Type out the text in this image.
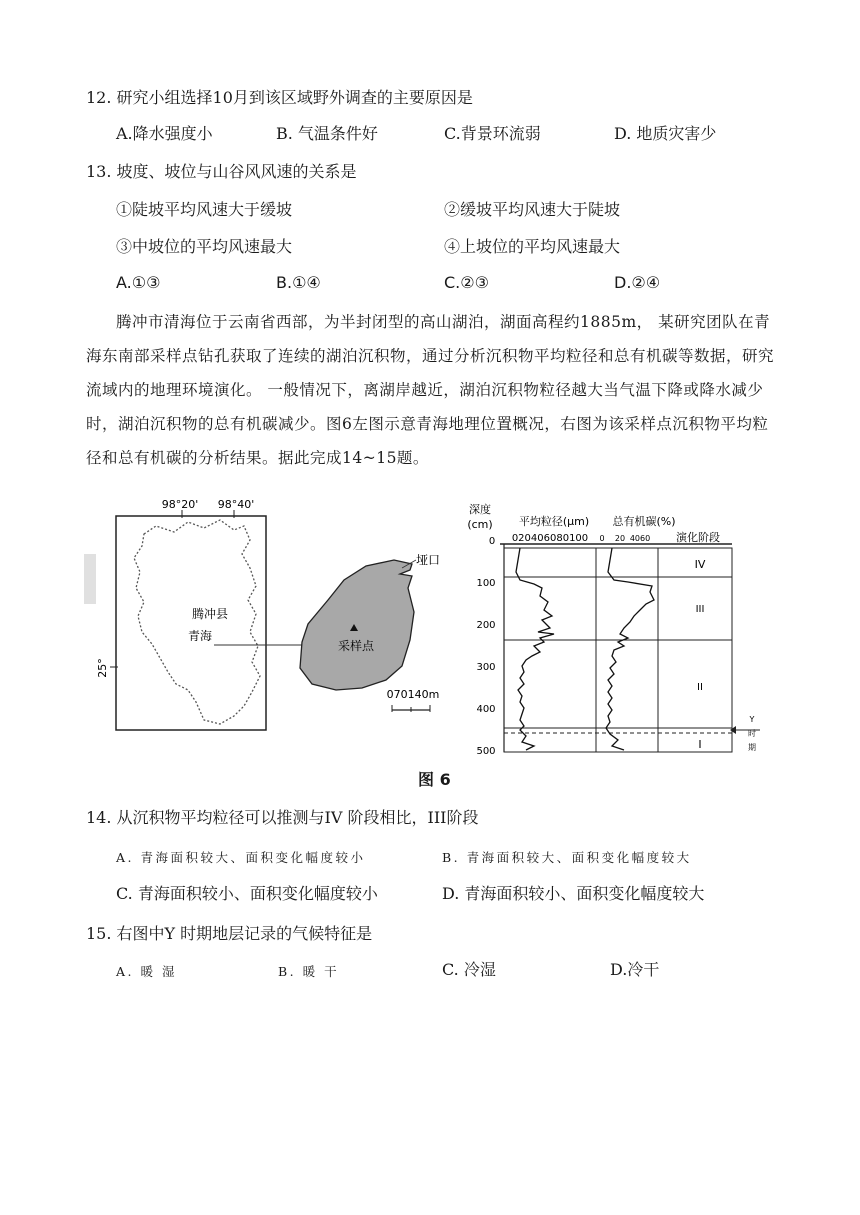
12. 研究小组选择10月到该区域野外调查的主要原因是
A.降水强度小	B. 气温条件好	C.背景环流弱	D. 地质灾害少
13. 坡度、坡位与山谷风风速的关系是
①陡坡平均风速大于缓坡	②缓坡平均风速大于陡坡
③中坡位的平均风速最大	④上坡位的平均风速最大
A.①③	B.①④	C.②③	D.②④
腾冲市清海位于云南省西部，为半封闭型的高山湖泊，湖面高程约1885m， 某研究团队在青海东南部采样点钻孔获取了连续的湖泊沉积物，通过分析沉积物平均粒径和总有机碳等数据，研究流域内的地理环境演化。 一般情况下，离湖岸越近，湖泊沉积物粒径越大当气温下降或降水减少时，湖泊沉积物的总有机碳减少。图6左图示意青海地理位置概况，右图为该采样点沉积物平均粒径和总有机碳的分析结果。据此完成14~15题。
98°20' 98°40'
25°
腾冲县
青海
垭口
采样点
070140m
深度
(cm) 平均粒径(μm)
020406080100
总有机碳(%)
0 20 4060 演化阶段
0
100
200
300
400
500
IV
III
II
I
Y
时
期
图 6
14. 从沉积物平均粒径可以推测与IV 阶段相比，III阶段
A. 青海面积较大、面积变化幅度较小	B. 青海面积较大、面积变化幅度较大
C. 青海面积较小、面积变化幅度较小	D. 青海面积较小、面积变化幅度较大
15. 右图中Y 时期地层记录的气候特征是
A. 暖 湿	B. 暖 干	C. 冷湿	D.冷干
